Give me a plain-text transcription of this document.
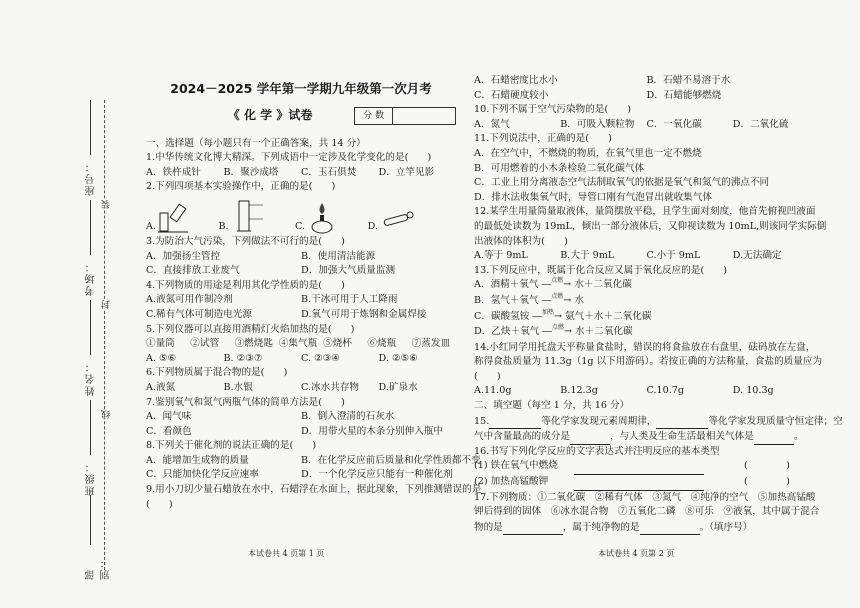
座号：
考场：
姓名：
班级：
部别：
装
封
线
2024－2025 学年第一学期九年级第一次月考
《 化 学 》试卷	分 数
一、选择题（每小题只有一个正确答案，共 14 分）
1.中华传统文化博大精深。下列成语中一定涉及化学变化的是(　　)
A．铁杵成针	B．聚沙成塔	C．玉石俱焚	D．立竿见影
2.下列四项基本实验操作中，正确的是(　　)
A.	B.	C.	D.
3.为防治大气污染，下列做法不可行的是(　　)
A．加强扬尘管控	B．使用清洁能源
C．直接排放工业废气	D．加强大气质量监测
4.下列物质的用途是利用其化学性质的是(　　)
A.液氮可用作制冷剂	B.干冰可用于人工降雨
C.稀有气体可制造电光源	D.氧气可用于炼钢和金属焊接
5.下列仪器可以直接用酒精灯火焰加热的是(　　)
①量筒	②试管	③燃烧匙 ④集气瓶 ⑤烧杯	⑥烧瓶	⑦蒸发皿
A. ⑤⑥	B. ②③⑦	C. ②③④	D. ②⑤⑥
6.下列物质属于混合物的是(　　)
A.液氮	B.水银	C.冰水共存物	D.矿泉水
7.鉴别氧气和氮气两瓶气体的简单方法是(　　)
A．闻气味	B．倒入澄清的石灰水
C．看颜色	D．用带火星的木条分别伸入瓶中
8.下列关于催化剂的说法正确的是(　　)
A．能增加生成物的质量	B．在化学反应前后质量和化学性质都不变
C．只能加快化学反应速率	D．一个化学反应只能有一种催化剂
9.用小刀切少量石蜡放在水中，石蜡浮在水面上，据此现象，下列推测错误的是
(　　)
本试卷共 4 页第 1 页
A．石蜡密度比水小	B．石蜡不易溶于水
C．石蜡硬度较小	D．石蜡能够燃烧
10.下列不属于空气污染物的是(　　)
A．氮气	B．可吸入颗粒物	C．一氧化碳	D．二氧化硫
11.下列说法中，正确的是(　　)
A．在空气中，不燃烧的物质，在氧气里也一定不燃烧
B．可用燃着的小木条检验二氧化碳气体
C．工业上用分离液态空气法制取氧气的依据是氧气和氮气的沸点不同
D．排水法收集氧气时，导管口刚有气泡冒出就收集气体
12.某学生用量筒量取液体，量筒摆放平稳，且学生面对刻度，他首先俯视凹液面
的最低处读数为 19mL，倾出一部分液体后，又仰视读数为 10mL,则该同学实际倒
出液体的体积为(　　)
A.等于 9mL	B.大于 9mL	C.小于 9mL	D.无法确定
13.下列反应中，既属于化合反应又属于氧化反应的是(　　)
A．酒精＋氧气 ―$^{点燃}$→ 水＋二氧化碳
B．氢气＋氧气 ―$^{点燃}$→ 水
C．碳酸氢铵 ―$^{加热}$→ 氨气＋水＋二氧化碳
D．乙炔＋氧气 ―$^{点燃}$→ 水＋二氧化碳
14.小红同学用托盘天平称量食盐时，错误的将食盐放在右盘里，砝码放在左盘，
称得食盐质量为 11.3g（1g 以下用游码）。若按正确的方法称量，食盐的质量应为
(　　)
A.11.0g	B.12.3g	C.10.7g	D. 10.3g
二、填空题（每空 1 分，共 16 分）
15.	等化学家发现元素周期律，	等化学家发现质量守恒定律；空
气中含量最高的成分是	，与人类及生命生活最相关气体是	。
16.书写下列化学反应的文字表达式并注明反应的基本类型
(1) 铁在氧气中燃烧
	(　　　　)
(2) 加热高锰酸钾
	(　　　　)
17.下列物质：①二氧化碳　②稀有气体　③氮气　④纯净的空气　⑤加热高锰酸
钾后得到的固体　⑥冰水混合物　⑦五氧化二磷　⑧可乐　⑨液氧，其中属于混合
物的是	，属于纯净物的是	。（填序号）
本试卷共 4 页第 2 页
